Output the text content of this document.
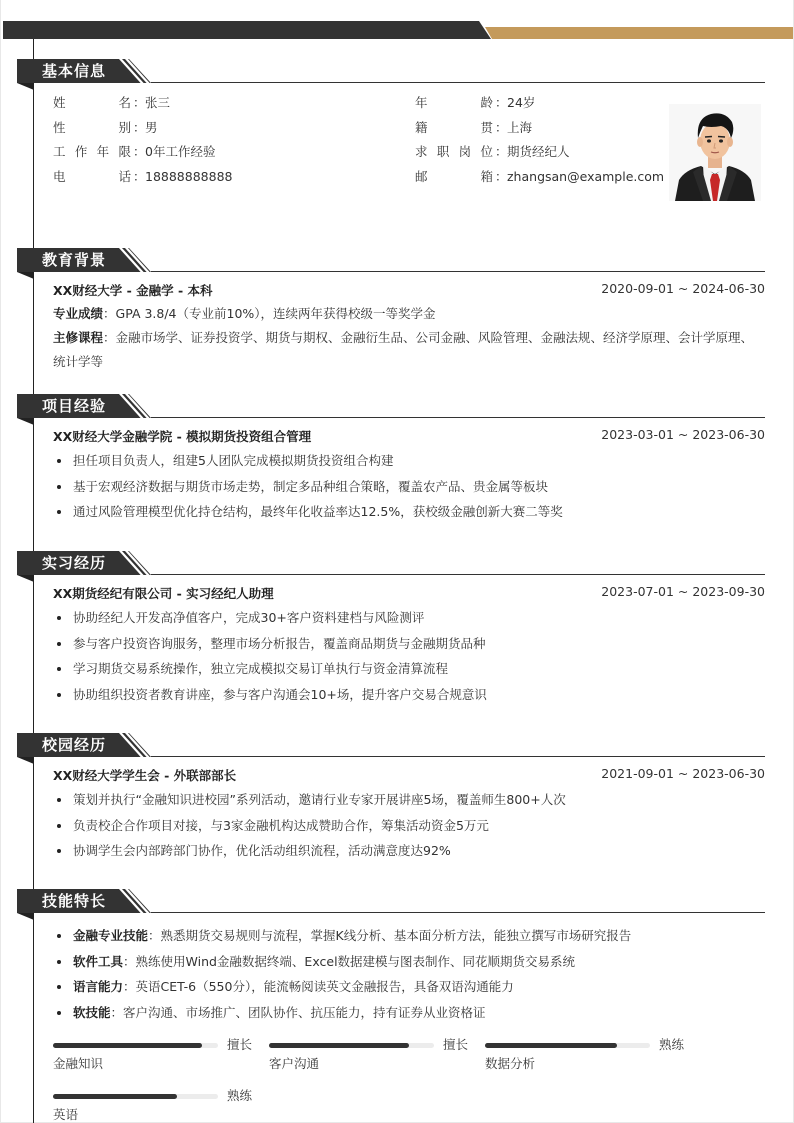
基本信息
姓	名 ： 张三
性	别 ： 男
工 作 年 限 ： 0年工作经验
电	话 ： 18888888888
年	龄 ： 24岁
籍	贯 ： 上海
求 职 岗 位 ： 期货经纪人
邮	箱 ： zhangsan@example.com
教育背景
XX财经大学 - 金融学 - 本科	2020-09-01 ~ 2024-06-30
专业成绩：GPA 3.8/4（专业前10%），连续两年获得校级一等奖学金
主修课程：金融市场学、证券投资学、期货与期权、金融衍生品、公司金融、风险管理、金融法规、经济学原理、会计学原理、统计学等
项目经验
XX财经大学金融学院 - 模拟期货投资组合管理	2023-03-01 ~ 2023-06-30
担任项目负责人，组建5人团队完成模拟期货投资组合构建
基于宏观经济数据与期货市场走势，制定多品种组合策略，覆盖农产品、贵金属等板块
通过风险管理模型优化持仓结构，最终年化收益率达12.5%，获校级金融创新大赛二等奖
实习经历
XX期货经纪有限公司 - 实习经纪人助理	2023-07-01 ~ 2023-09-30
协助经纪人开发高净值客户，完成30+客户资料建档与风险测评
参与客户投资咨询服务，整理市场分析报告，覆盖商品期货与金融期货品种
学习期货交易系统操作，独立完成模拟交易订单执行与资金清算流程
协助组织投资者教育讲座，参与客户沟通会10+场，提升客户交易合规意识
校园经历
XX财经大学学生会 - 外联部部长	2021-09-01 ~ 2023-06-30
策划并执行“金融知识进校园”系列活动，邀请行业专家开展讲座5场，覆盖师生800+人次
负责校企合作项目对接，与3家金融机构达成赞助合作，筹集活动资金5万元
协调学生会内部跨部门协作，优化活动组织流程，活动满意度达92%
技能特长
金融专业技能：熟悉期货交易规则与流程，掌握K线分析、基本面分析方法，能独立撰写市场研究报告
软件工具：熟练使用Wind金融数据终端、Excel数据建模与图表制作、同花顺期货交易系统
语言能力：英语CET-6（550分），能流畅阅读英文金融报告，具备双语沟通能力
软技能：客户沟通、市场推广、团队协作、抗压能力，持有证券从业资格证
擅长
金融知识
擅长
客户沟通
熟练
数据分析
熟练
英语
